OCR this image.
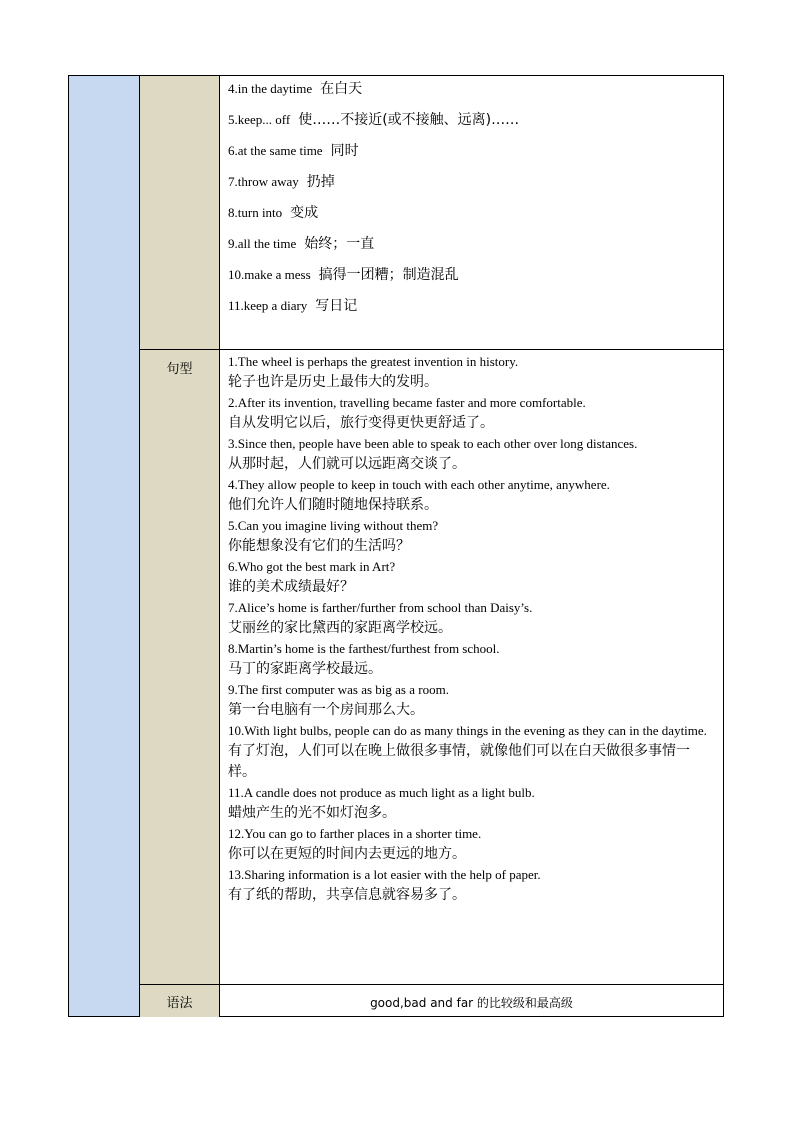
句型
语法
4.in the daytime 在白天
5.keep... off 使……不接近(或不接触、远离)……
6.at the same time 同时
7.throw away 扔掉
8.turn into 变成
9.all the time 始终；一直
10.make a mess 搞得一团糟；制造混乱
11.keep a diary 写日记
1.The wheel is perhaps the greatest invention in history.
轮子也许是历史上最伟大的发明。
2.After its invention, travelling became faster and more comfortable.
自从发明它以后，旅行变得更快更舒适了。
3.Since then, people have been able to speak to each other over long distances.
从那时起，人们就可以远距离交谈了。
4.They allow people to keep in touch with each other anytime, anywhere.
他们允许人们随时随地保持联系。
5.Can you imagine living without them?
你能想象没有它们的生活吗？
6.Who got the best mark in Art?
谁的美术成绩最好？
7.Alice’s home is farther/further from school than Daisy’s.
艾丽丝的家比黛西的家距离学校远。
8.Martin’s home is the farthest/furthest from school.
马丁的家距离学校最远。
9.The first computer was as big as a room.
第一台电脑有一个房间那么大。
10.With light bulbs, people can do as many things in the evening as they can in the daytime.
有了灯泡，人们可以在晚上做很多事情，就像他们可以在白天做很多事情一样。
11.A candle does not produce as much light as a light bulb.
蜡烛产生的光不如灯泡多。
12.You can go to farther places in a shorter time.
你可以在更短的时间内去更远的地方。
13.Sharing information is a lot easier with the help of paper.
有了纸的帮助，共享信息就容易多了。
good,bad and far 的比较级和最高级
